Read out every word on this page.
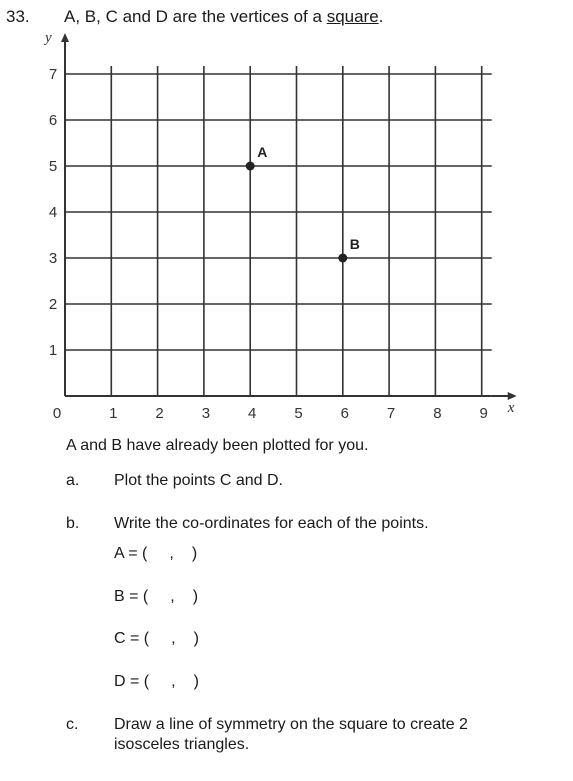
33. A, B, C and D are the vertices of a square.
x
y
0	1	2	3	4	5	6	7	8	9
1
2
3
4
5
6
7
A
B
A and B have already been plotted for you.
a. Plot the points C and D.
b. Write the co-ordinates for each of the points.
A = ( , )
B = ( , )
C = ( , )
D = ( , )
c. Draw a line of symmetry on the square to create 2
isosceles triangles.
